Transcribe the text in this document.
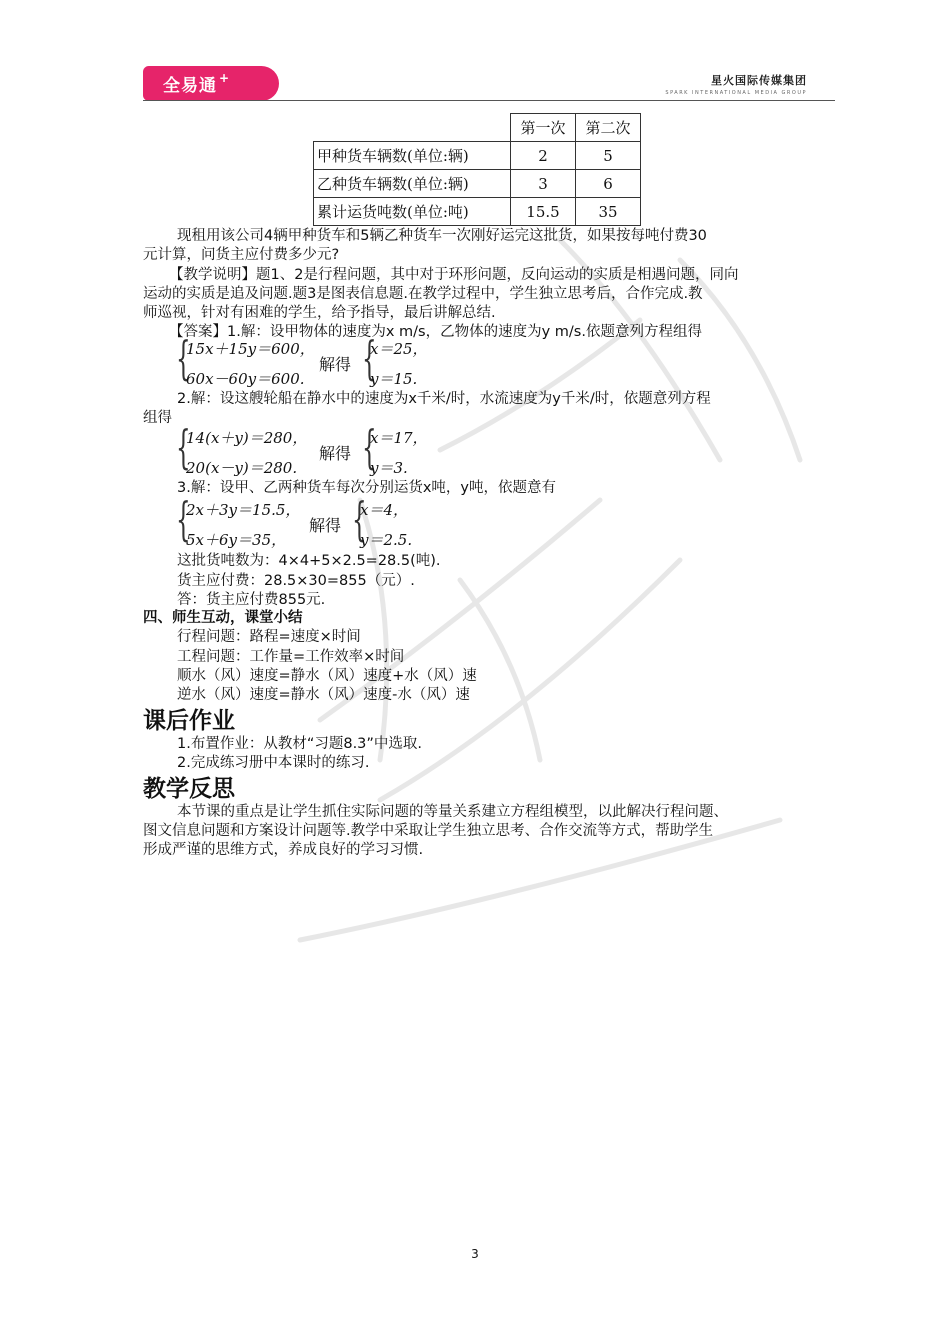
全易通 +	星火国际传媒集团
SPARK INTERNATIONAL MEDIA GROUP
	第一次	第二次
甲种货车辆数(单位:辆)	2	5
乙种货车辆数(单位:辆)	3	6
累计运货吨数(单位:吨)	15.5	35
现租用该公司4辆甲种货车和5辆乙种货车一次刚好运完这批货，如果按每吨付费30
元计算，问货主应付费多少元?
【教学说明】题1、2是行程问题，其中对于环形问题，反向运动的实质是相遇问题，同向
运动的实质是追及问题.题3是图表信息题.在教学过程中，学生独立思考后，合作完成.教
师巡视，针对有困难的学生，给予指导，最后讲解总结.
【答案】1.解：设甲物体的速度为x m/s，乙物体的速度为y m/s.依题意列方程组得
{
15x＋15y＝600，
60x－60y＝600.
解得 {
x＝25，
y＝15.
2.解：设这艘轮船在静水中的速度为x千米/时，水流速度为y千米/时，依题意列方程
组得
{
14(x＋y)＝280，
20(x－y)＝280.
解得 {
x＝17，
y＝3.
3.解：设甲、乙两种货车每次分别运货x吨，y吨，依题意有
{
2x＋3y＝15.5，
5x＋6y＝35，
解得 {
x＝4，
y＝2.5.
这批货吨数为：4×4+5×2.5=28.5(吨).
货主应付费：28.5×30=855（元）.
答：货主应付费855元.
四、师生互动，课堂小结
行程问题：路程=速度×时间
工程问题：工作量=工作效率×时间
顺水（风）速度=静水（风）速度+水（风）速
逆水（风）速度=静水（风）速度-水（风）速
课后作业
1.布置作业：从教材“习题8.3”中选取.
2.完成练习册中本课时的练习.
教学反思
本节课的重点是让学生抓住实际问题的等量关系建立方程组模型，以此解决行程问题、
图文信息问题和方案设计问题等.教学中采取让学生独立思考、合作交流等方式，帮助学生
形成严谨的思维方式，养成良好的学习习惯.
3
